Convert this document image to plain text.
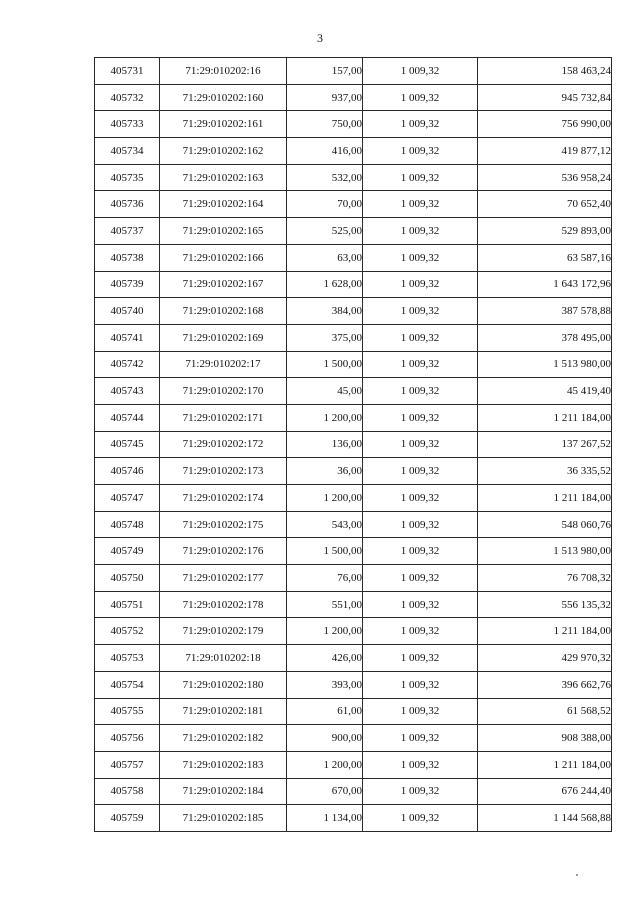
3
405731	71:29:010202:16	157,00	1 009,32	158 463,24
405732	71:29:010202:160	937,00	1 009,32	945 732,84
405733	71:29:010202:161	750,00	1 009,32	756 990,00
405734	71:29:010202:162	416,00	1 009,32	419 877,12
405735	71:29:010202:163	532,00	1 009,32	536 958,24
405736	71:29:010202:164	70,00	1 009,32	70 652,40
405737	71:29:010202:165	525,00	1 009,32	529 893,00
405738	71:29:010202:166	63,00	1 009,32	63 587,16
405739	71:29:010202:167	1 628,00	1 009,32	1 643 172,96
405740	71:29:010202:168	384,00	1 009,32	387 578,88
405741	71:29:010202:169	375,00	1 009,32	378 495,00
405742	71:29:010202:17	1 500,00	1 009,32	1 513 980,00
405743	71:29:010202:170	45,00	1 009,32	45 419,40
405744	71:29:010202:171	1 200,00	1 009,32	1 211 184,00
405745	71:29:010202:172	136,00	1 009,32	137 267,52
405746	71:29:010202:173	36,00	1 009,32	36 335,52
405747	71:29:010202:174	1 200,00	1 009,32	1 211 184,00
405748	71:29:010202:175	543,00	1 009,32	548 060,76
405749	71:29:010202:176	1 500,00	1 009,32	1 513 980,00
405750	71:29:010202:177	76,00	1 009,32	76 708,32
405751	71:29:010202:178	551,00	1 009,32	556 135,32
405752	71:29:010202:179	1 200,00	1 009,32	1 211 184,00
405753	71:29:010202:18	426,00	1 009,32	429 970,32
405754	71:29:010202:180	393,00	1 009,32	396 662,76
405755	71:29:010202:181	61,00	1 009,32	61 568,52
405756	71:29:010202:182	900,00	1 009,32	908 388,00
405757	71:29:010202:183	1 200,00	1 009,32	1 211 184,00
405758	71:29:010202:184	670,00	1 009,32	676 244,40
405759	71:29:010202:185	1 134,00	1 009,32	1 144 568,88
